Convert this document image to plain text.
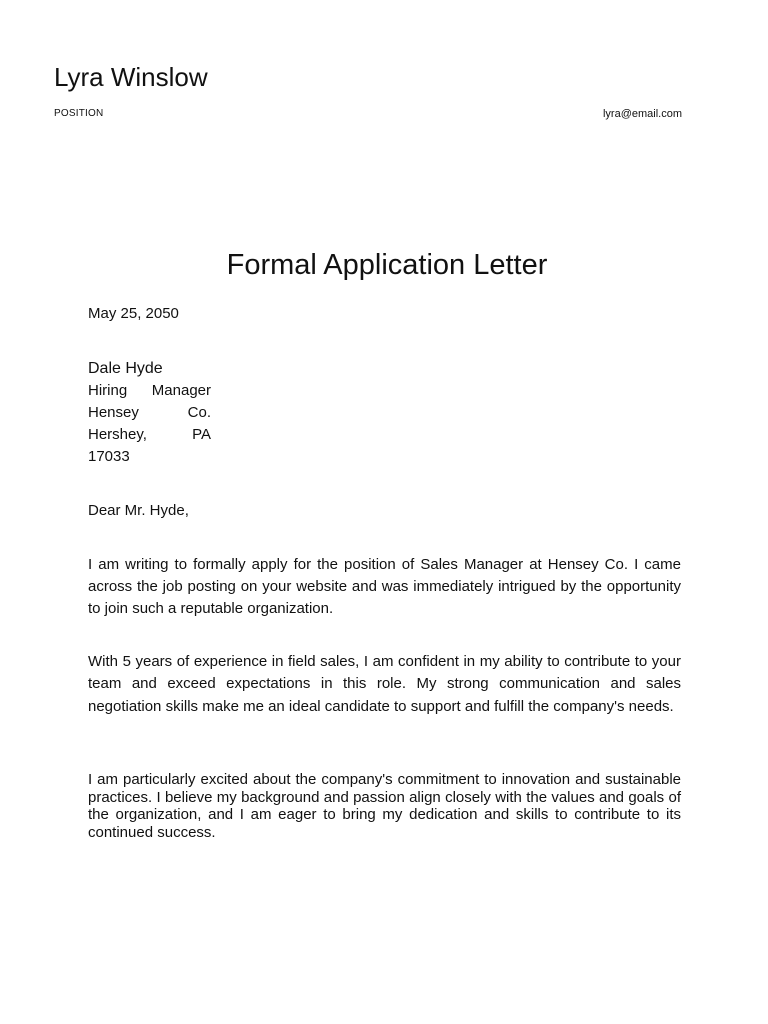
Lyra Winslow
POSITION	lyra@email.com
Formal Application Letter
May 25, 2050
Dale Hyde
Hiring Manager
Hensey Co.
Hershey, PA
17033
Dear Mr. Hyde,

I am writing to formally apply for the position of Sales Manager at Hensey Co. I came across the job posting on your website and was immediately intrigued by the opportunity to join such a reputable organization.

With 5 years of experience in field sales, I am confident in my ability to contribute to your team and exceed expectations in this role. My strong communication and sales negotiation skills make me an ideal candidate to support and fulfill the company's needs.

I am particularly excited about the company's commitment to innovation and sustainable practices. I believe my background and passion align closely with the values and goals of the organization, and I am eager to bring my dedication and skills to contribute to its continued success.
